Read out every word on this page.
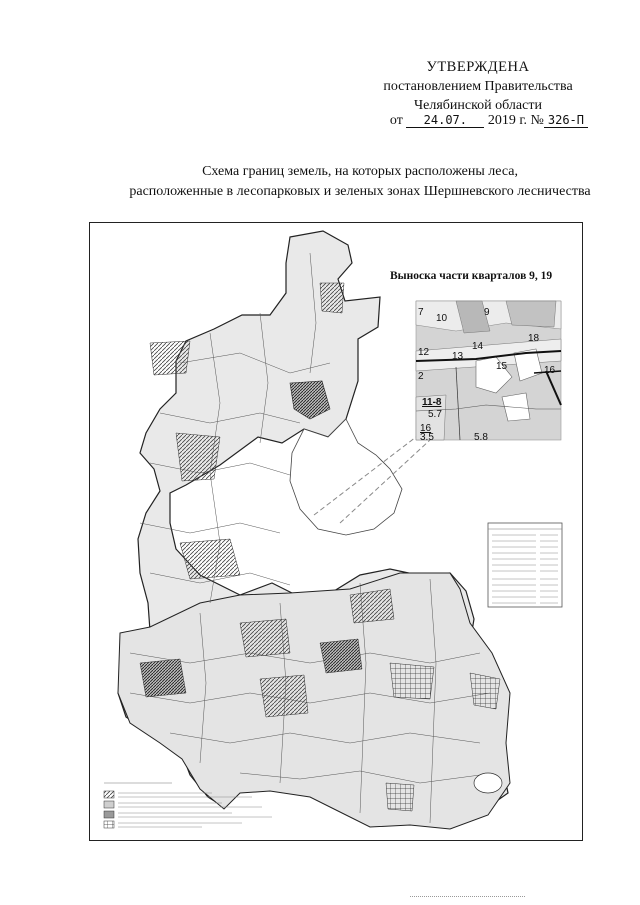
УТВЕРЖДЕНА
постановлением Правительства
Челябинской области
от 24.07. 2019 г. № 326-П
Схема границ земель, на которых расположены леса,
расположенные в лесопарковых и зеленых зонах Шершневского лесничества
7
10
9
12 13
14
18
2
15	16
11-8
5.7
16
3.5	5.8
Выноска части кварталов 9, 19
